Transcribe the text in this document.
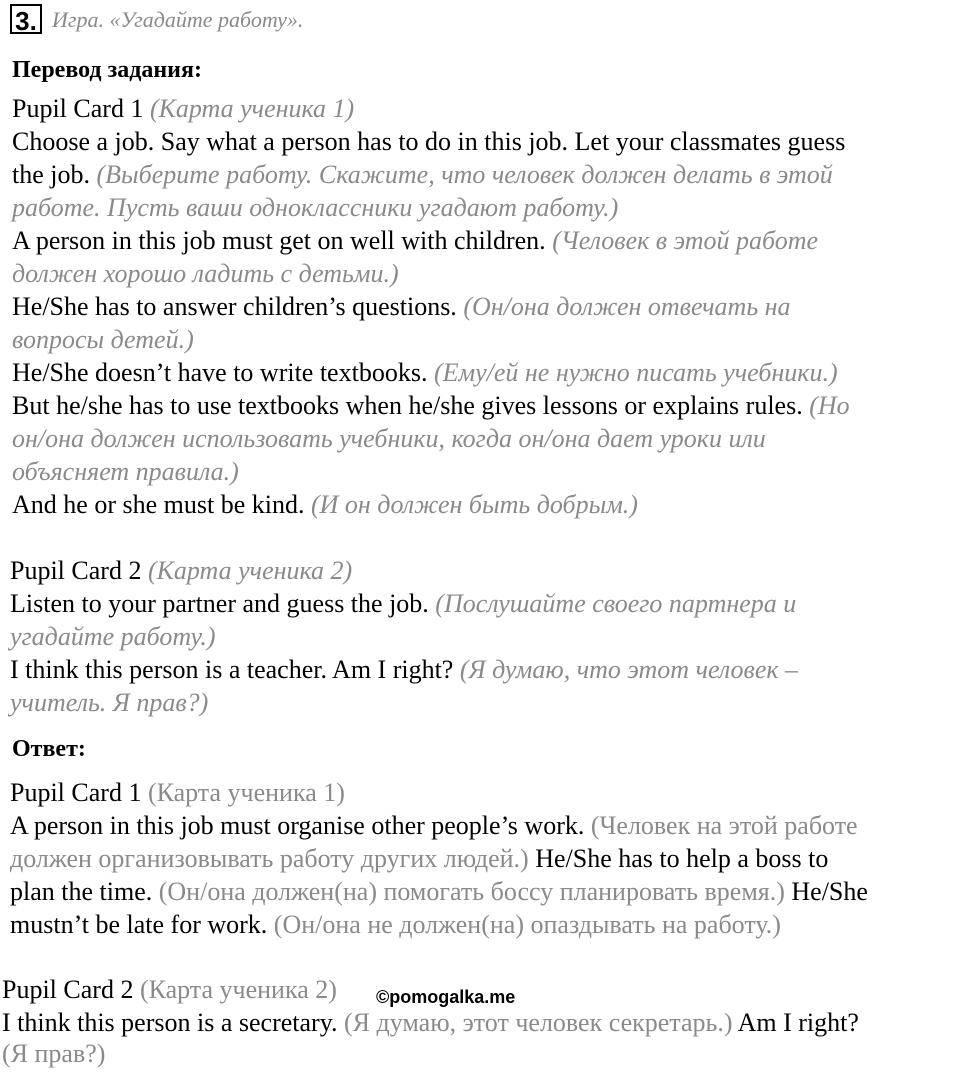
3. Игра. «Угадайте работу».
Перевод задания:
Pupil Card 1 (Карта ученика 1)
Choose a job. Say what a person has to do in this job. Let your classmates guess
the job. (Выберите работу. Скажите, что человек должен делать в этой
работе. Пусть ваши одноклассники угадают работу.)
A person in this job must get on well with children. (Человек в этой работе
должен хорошо ладить с детьми.)
He/She has to answer children’s questions. (Он/она должен отвечать на
вопросы детей.)
He/She doesn’t have to write textbooks. (Ему/ей не нужно писать учебники.)
But he/she has to use textbooks when he/she gives lessons or explains rules. (Но
он/она должен использовать учебники, когда он/она дает уроки или
объясняет правила.)
And he or she must be kind. (И он должен быть добрым.)
Pupil Card 2 (Карта ученика 2)
Listen to your partner and guess the job. (Послушайте своего партнера и
угадайте работу.)
I think this person is a teacher. Am I right? (Я думаю, что этот человек –
учитель. Я прав?)
Ответ:
Pupil Card 1 (Карта ученика 1)
A person in this job must organise other people’s work. (Человек на этой работе
должен организовывать работу других людей.) He/She has to help a boss to
plan the time. (Он/она должен(на) помогать боссу планировать время.) He/She
mustn’t be late for work. (Он/она не должен(на) опаздывать на работу.)
Pupil Card 2 (Карта ученика 2) ©pomogalka.me
I think this person is a secretary. (Я думаю, этот человек секретарь.) Am I right?
(Я прав?)
